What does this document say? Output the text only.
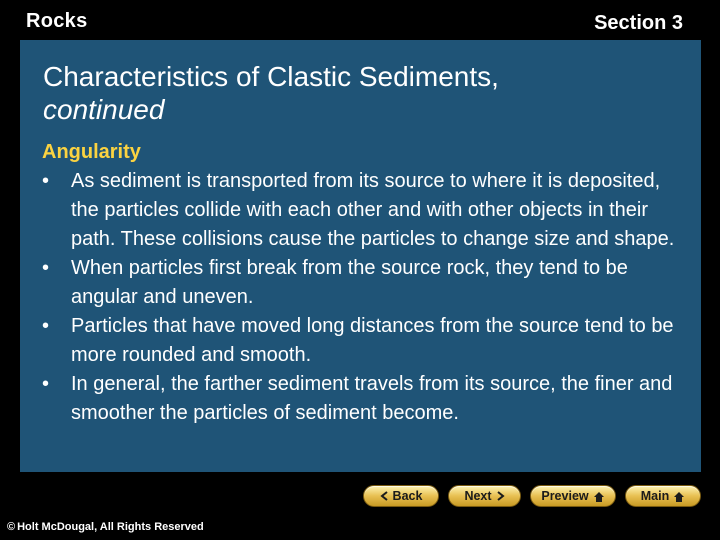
Rocks	Section 3
Characteristics of Clastic Sediments,
continued
Angularity
• As sediment is transported from its source to where it is deposited, the particles collide with each other and with other objects in their path. These collisions cause the particles to change size and shape.
• When particles first break from the source rock, they tend to be angular and uneven.
• Particles that have moved long distances from the source tend to be more rounded and smooth.
• In general, the farther sediment travels from its source, the finer and smoother the particles of sediment become.
Back	Next	Preview	Main
© Holt McDougal, All Rights Reserved
